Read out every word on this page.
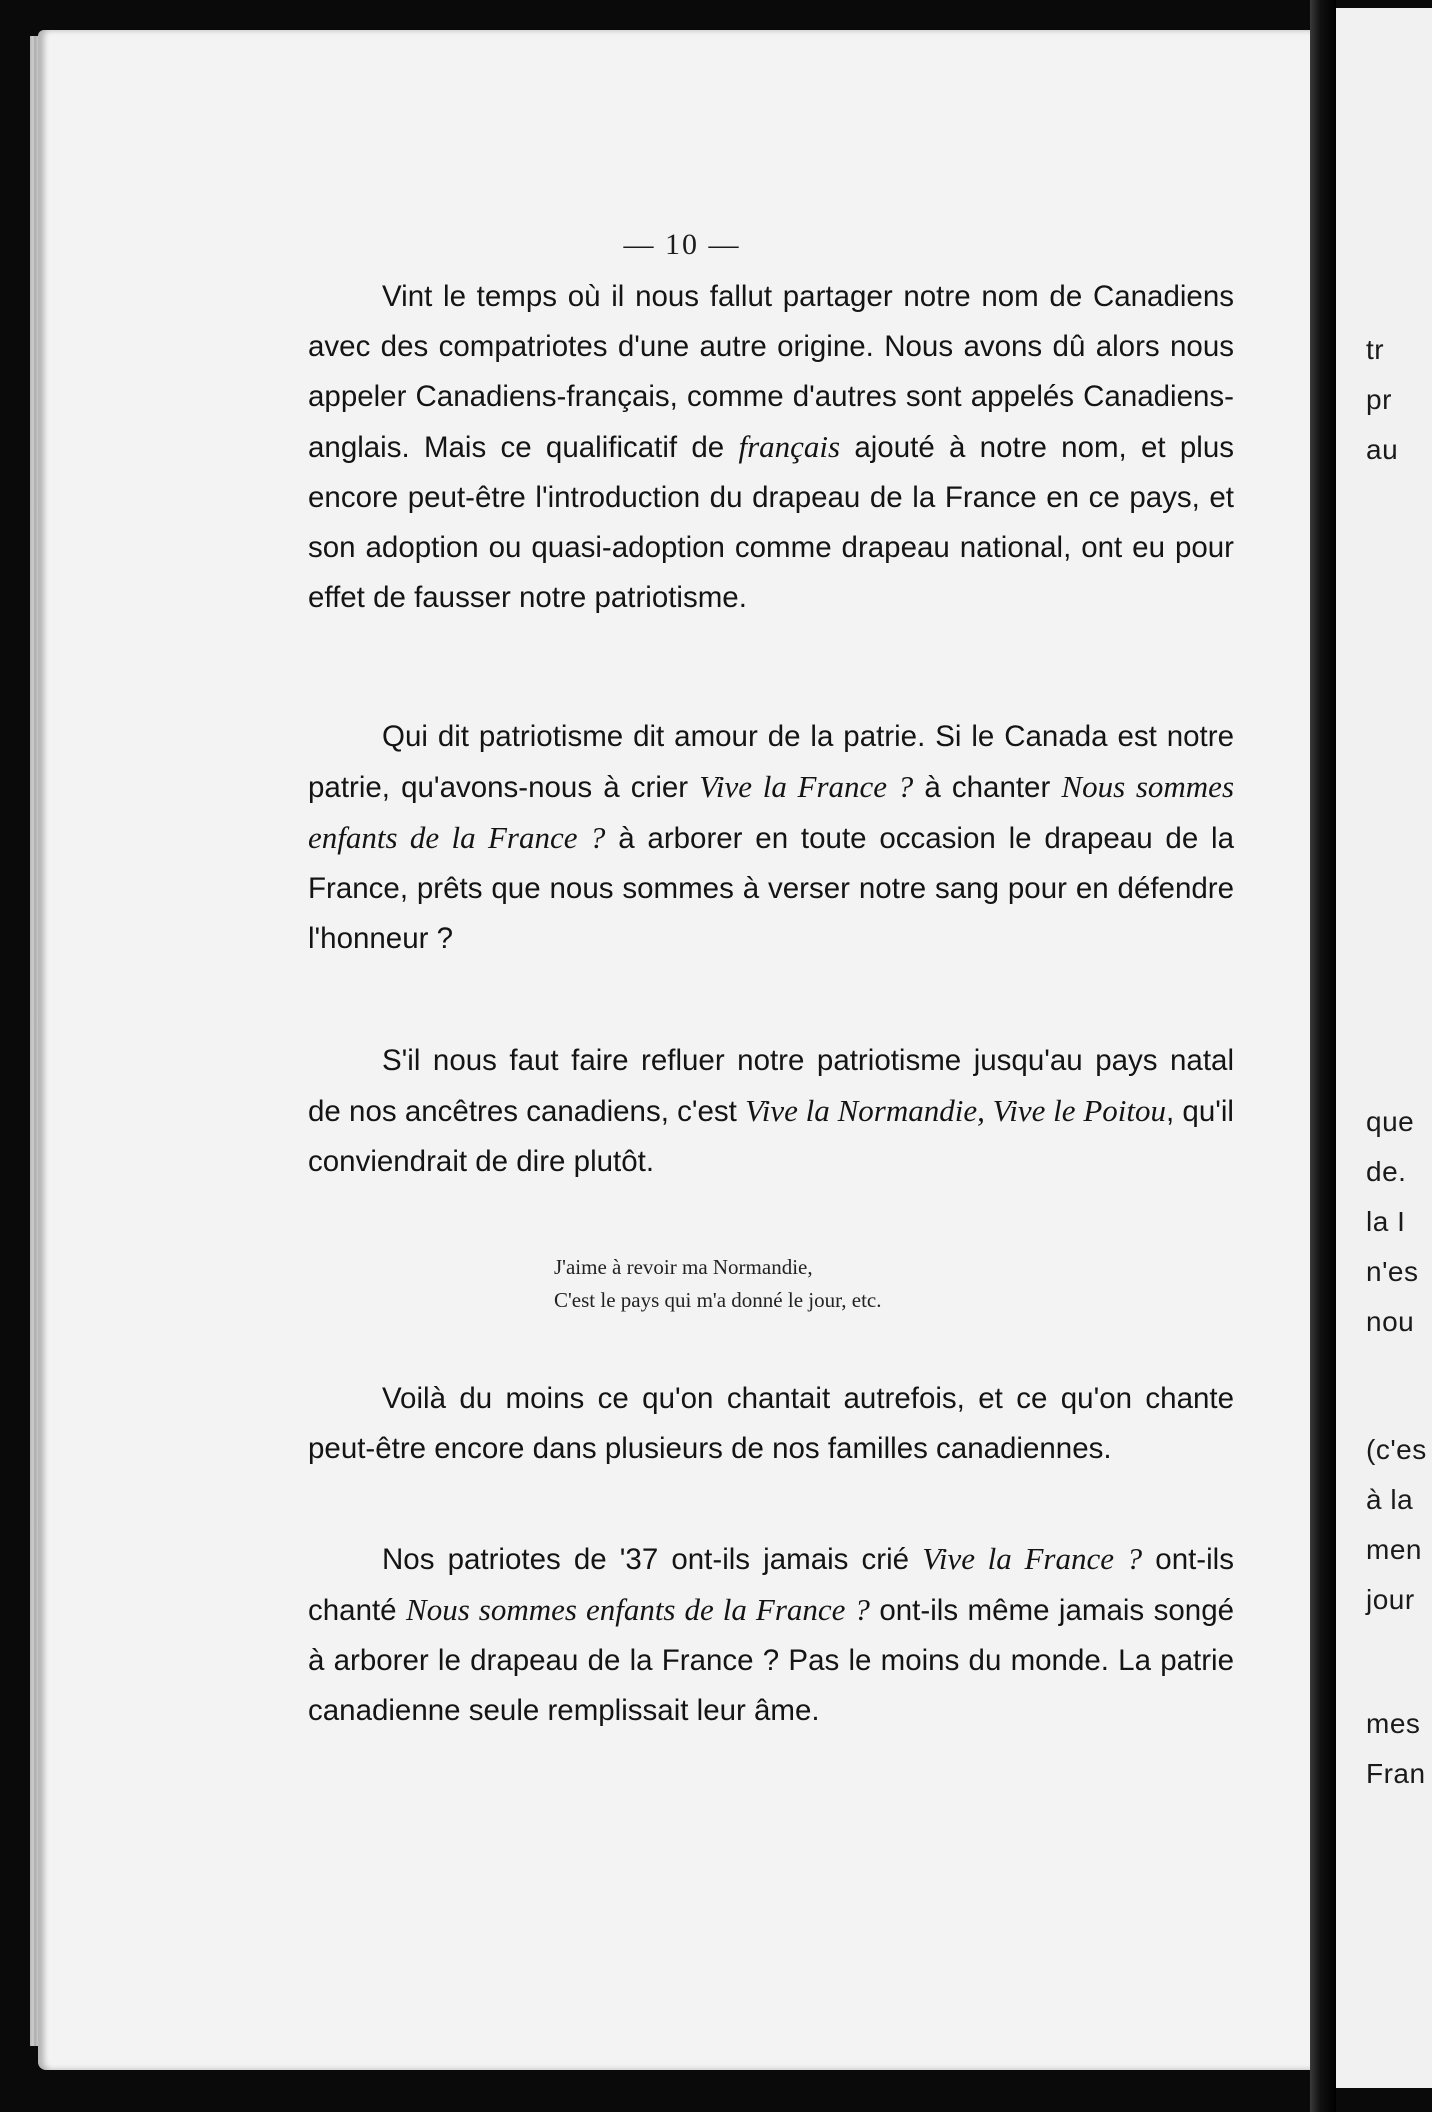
— 10 —

Vint le temps où il nous fallut partager notre nom de Canadiens avec des compatriotes d'une autre origine. Nous avons dû alors nous appeler Canadiens-français, comme d'autres sont appelés Canadiens-anglais. Mais ce qualificatif de français ajouté à notre nom, et plus encore peut-être l'introduction du drapeau de la France en ce pays, et son adoption ou quasi-adoption comme drapeau national, ont eu pour effet de fausser notre patriotisme.

Qui dit patriotisme dit amour de la patrie. Si le Canada est notre patrie, qu'avons-nous à crier Vive la France ? à chanter Nous sommes enfants de la France ? à arborer en toute occasion le drapeau de la France, prêts que nous sommes à verser notre sang pour en défendre l'honneur ?

S'il nous faut faire refluer notre patriotisme jusqu'au pays natal de nos ancêtres canadiens, c'est Vive la Normandie, Vive le Poitou, qu'il conviendrait de dire plutôt.

J'aime à revoir ma Normandie,
C'est le pays qui m'a donné le jour, etc.

Voilà du moins ce qu'on chantait autrefois, et ce qu'on chante peut-être encore dans plusieurs de nos familles canadiennes.

Nos patriotes de '37 ont-ils jamais crié Vive la France ? ont-ils chanté Nous sommes enfants de la France ? ont-ils même jamais songé à arborer le drapeau de la France ? Pas le moins du monde. La patrie canadienne seule remplissait leur âme.

tr
pr
au
que
de.
la I
n'es
nou
(c'es
à la
men
jour
mes
Fran
